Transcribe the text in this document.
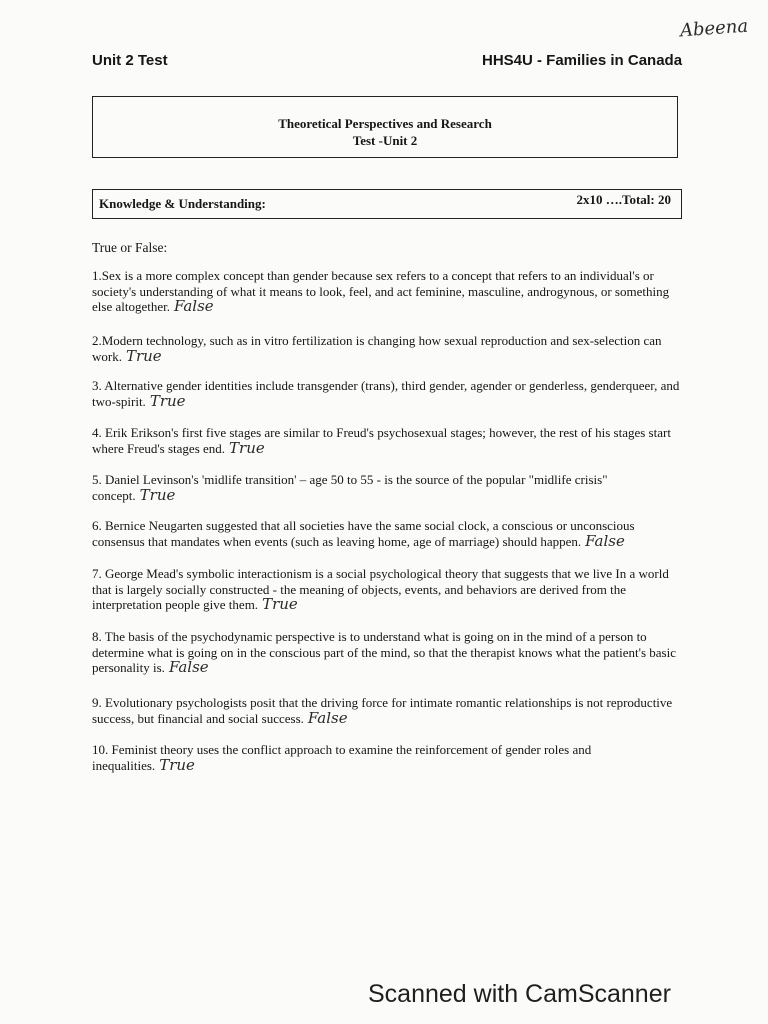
Abeena
Unit 2 Test	HHS4U - Families in Canada
Theoretical Perspectives and Research
Test -Unit 2
Knowledge & Understanding:	2x10 ….Total: 20
True or False:
1.Sex is a more complex concept than gender because sex refers to a concept that refers to an individual's or society's understanding of what it means to look, feel, and act feminine, masculine, androgynous, or something else altogether. False
2.Modern technology, such as in vitro fertilization is changing how sexual reproduction and sex-selection can work. True
3. Alternative gender identities include transgender (trans), third gender, agender or genderless, genderqueer, and two-spirit. True
4. Erik Erikson's first five stages are similar to Freud's psychosexual stages; however, the rest of his stages start where Freud's stages end. True
5. Daniel Levinson's 'midlife transition' – age 50 to 55 - is the source of the popular "midlife crisis" concept. True
6. Bernice Neugarten suggested that all societies have the same social clock, a conscious or unconscious consensus that mandates when events (such as leaving home, age of marriage) should happen. False
7. George Mead's symbolic interactionism is a social psychological theory that suggests that we live In a world that is largely socially constructed - the meaning of objects, events, and behaviors are derived from the interpretation people give them. True
8. The basis of the psychodynamic perspective is to understand what is going on in the mind of a person to determine what is going on in the conscious part of the mind, so that the therapist knows what the patient's basic personality is. False
9. Evolutionary psychologists posit that the driving force for intimate romantic relationships is not reproductive success, but financial and social success. False
10. Feminist theory uses the conflict approach to examine the reinforcement of gender roles and inequalities. True
Scanned with CamScanner
